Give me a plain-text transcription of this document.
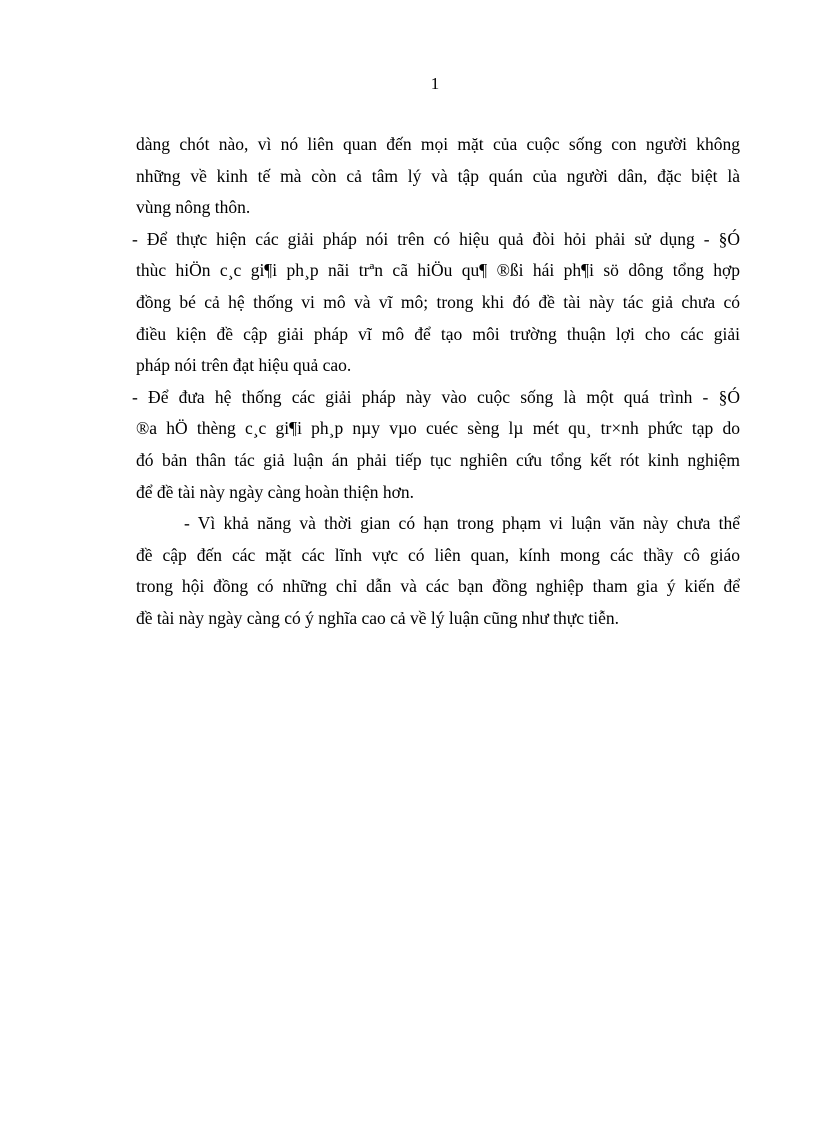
1
dàng chót nào, vì nó liên quan đến mọi mặt của cuộc sống con người không
những về kinh tế mà còn cả tâm lý và tập quán của người dân, đặc biệt là
vùng nông thôn.
- Để thực hiện các giải pháp nói trên có hiệu quả đòi hỏi phải sử dụng - §Ó
thùc hiÖn c¸c gi¶i ph¸p nãi trªn cã hiÖu qu¶ ®ßi hái ph¶i sö dông tổng hợp
đồng bé cả hệ thống vi mô và vĩ mô; trong khi đó đề tài này tác giả chưa có
điều kiện đề cập giải pháp vĩ mô để tạo môi trường thuận lợi cho các giải
pháp nói trên đạt hiệu quả cao.
- Để đưa hệ thống các giải pháp này vào cuộc sống là một quá trình - §Ó
®a hÖ thèng c¸c gi¶i ph¸p nµy vµo cuéc sèng lµ mét qu¸ tr×nh phức tạp do
đó bản thân tác giả luận án phải tiếp tục nghiên cứu tổng kết rót kinh nghiệm
để đề tài này ngày càng hoàn thiện hơn.
- Vì khả năng và thời gian có hạn trong phạm vi luận văn này chưa thể
đề cập đến các mặt các lĩnh vực có liên quan, kính mong các thầy cô giáo
trong hội đồng có những chỉ dẫn và các bạn đồng nghiệp tham gia ý kiến để
đề tài này ngày càng có ý nghĩa cao cả về lý luận cũng như thực tiễn.
